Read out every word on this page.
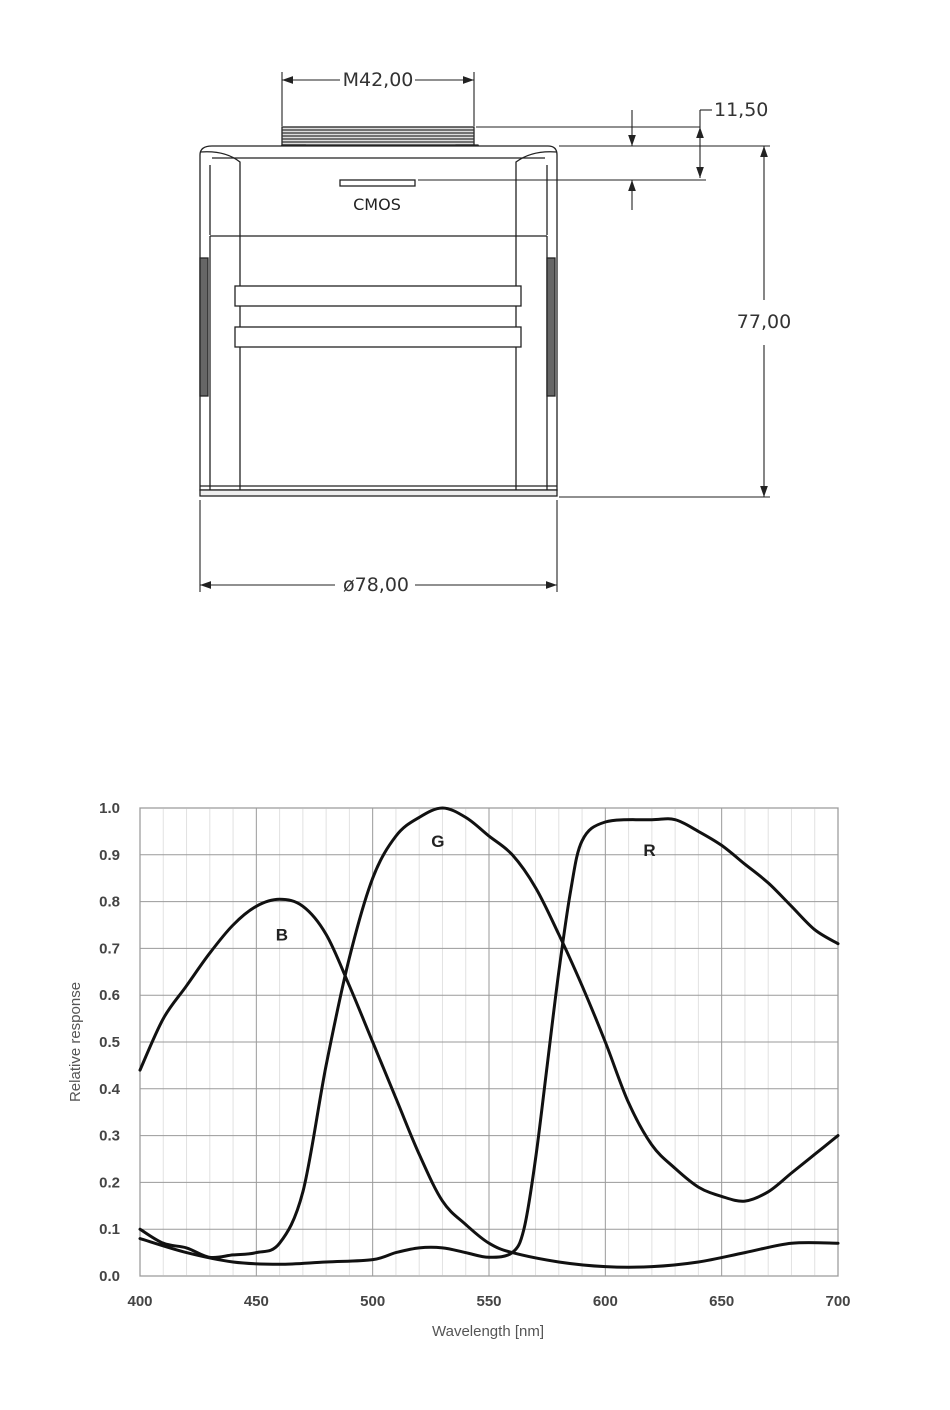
CMOS
M42,00
11,50
77,00
ø78,00
400	450	500	550	600	650	700
0.0
0.1
0.2
0.3
0.4
0.5
0.6
0.7
0.8
0.9
1.0
B
G	R
Wavelength [nm]
Relative response
